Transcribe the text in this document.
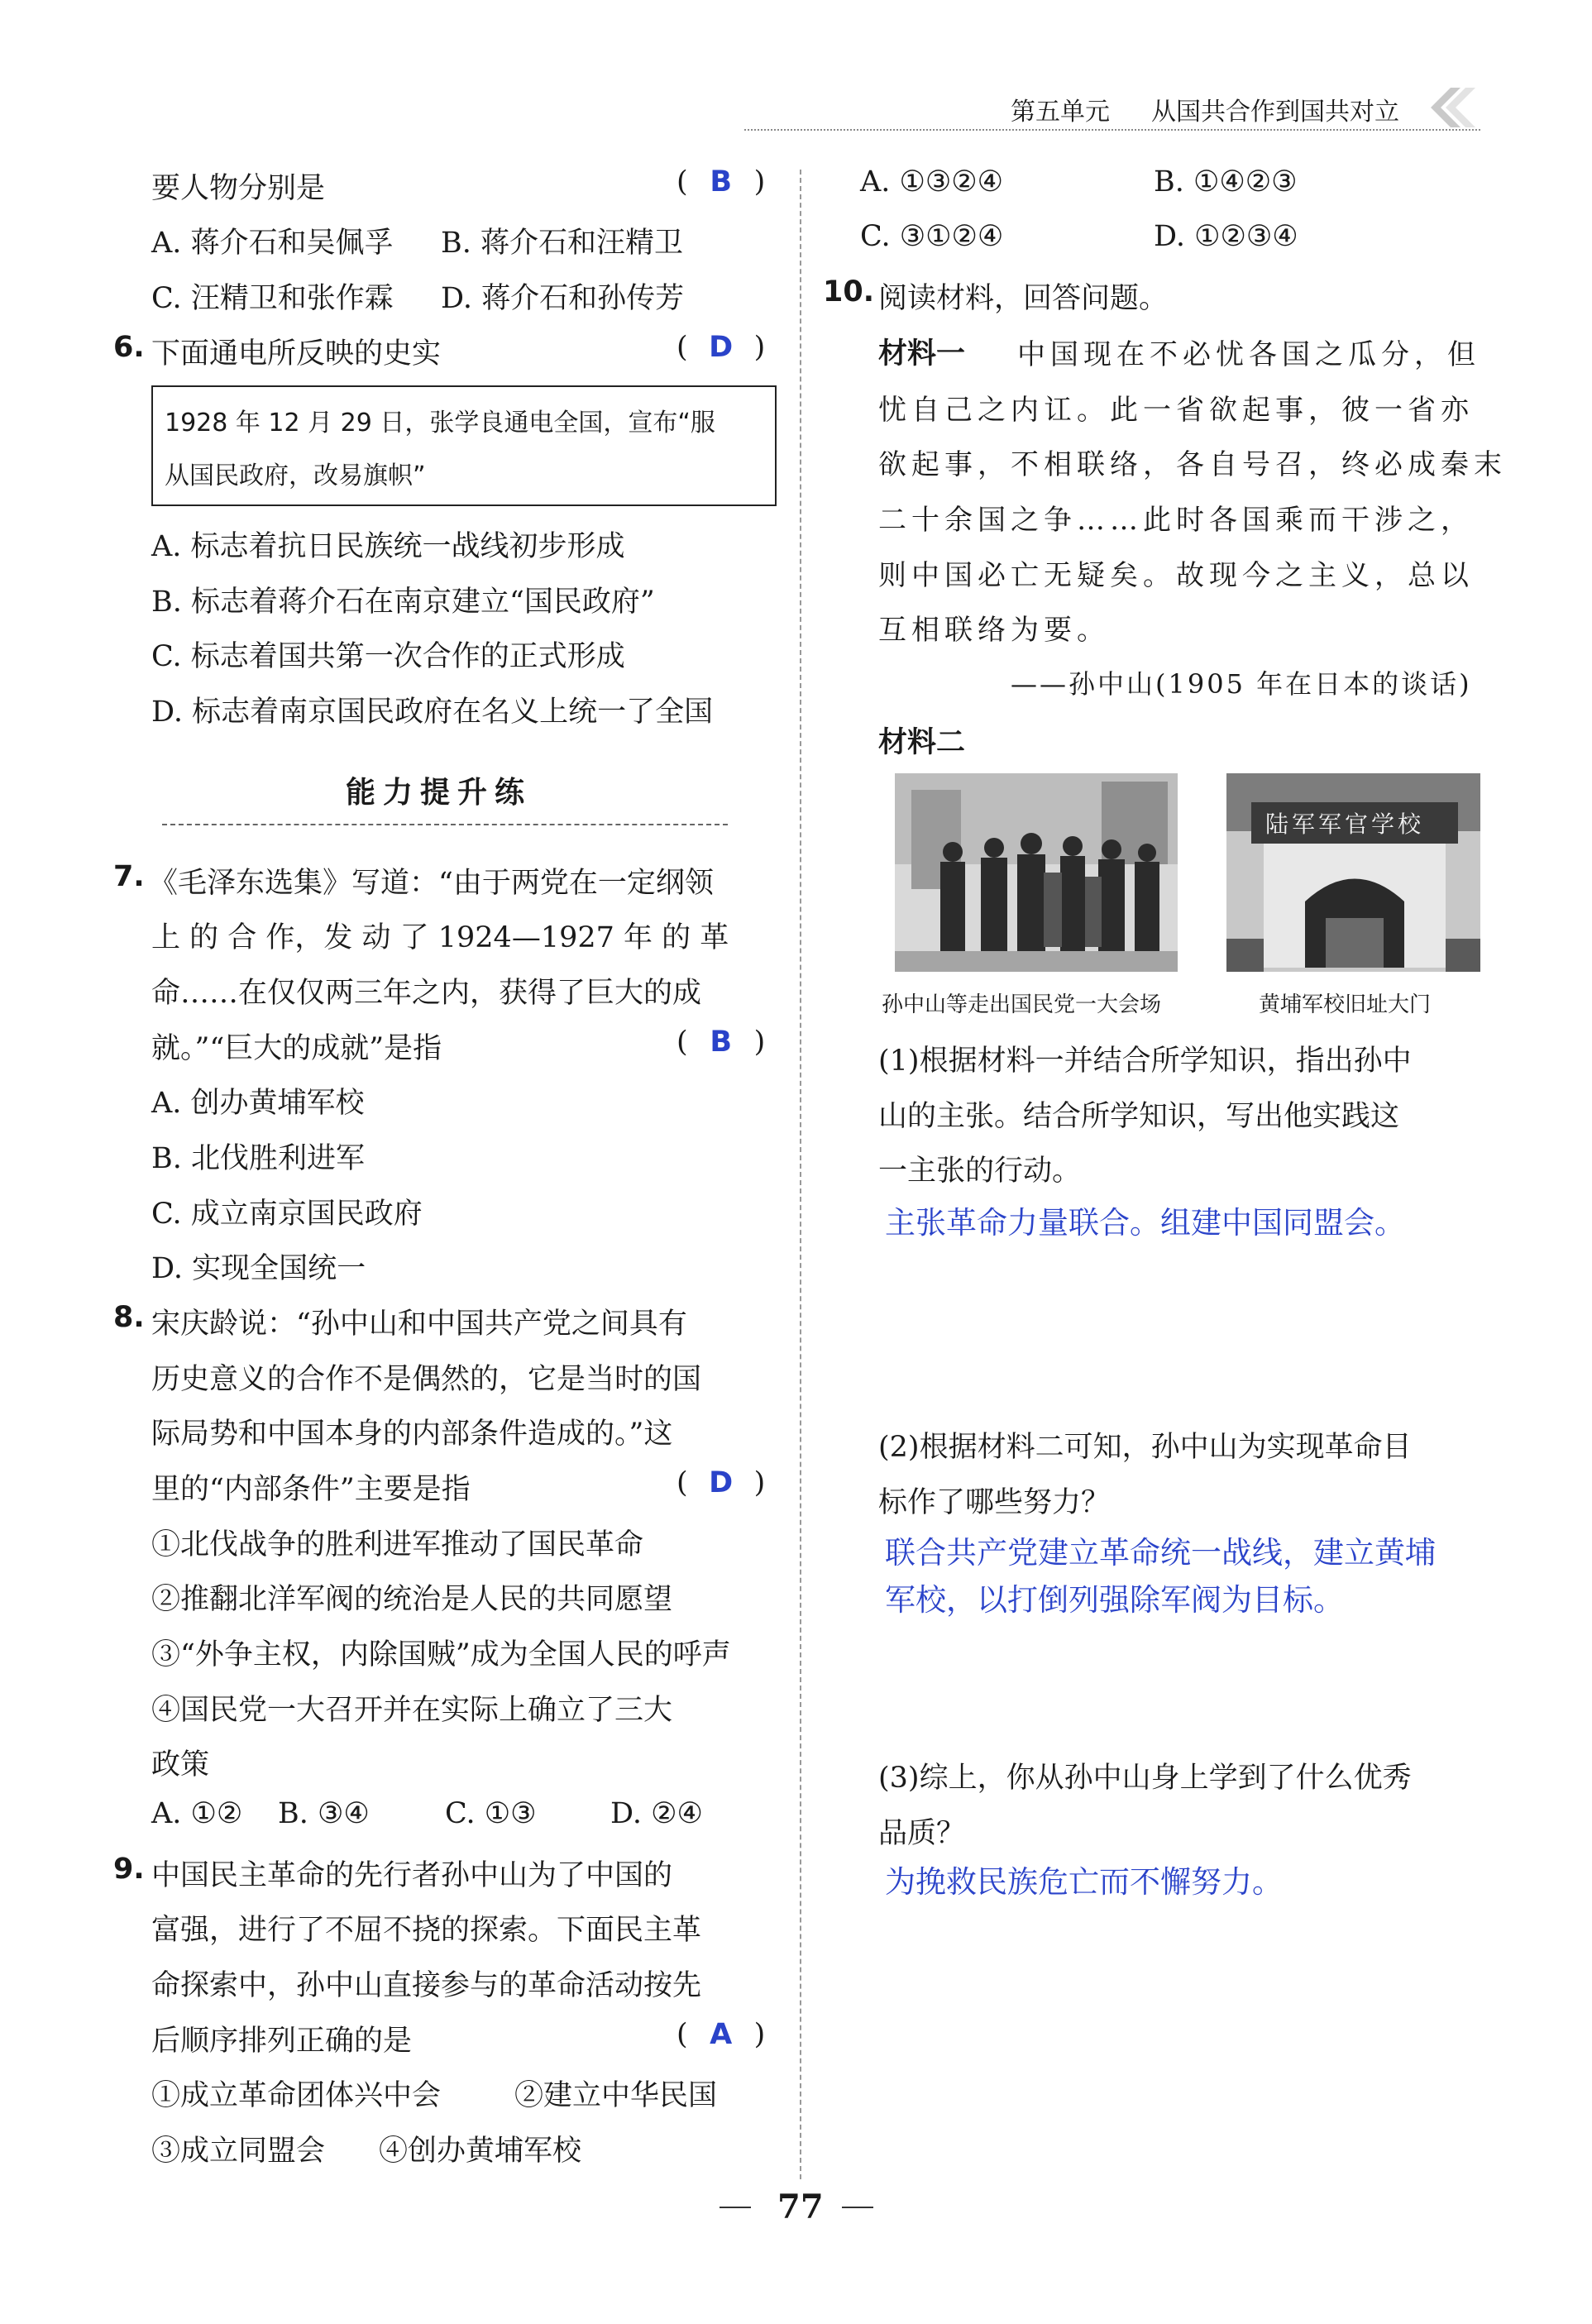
第五单元 从国共合作到国共对立
要人物分别是	( B )
A. 蒋介石和吴佩孚 B. 蒋介石和汪精卫
C. 汪精卫和张作霖 D. 蒋介石和孙传芳
6. 下面通电所反映的史实	( D )
1928 年 12 月 29 日，张学良通电全国，宣布“服
从国民政府，改易旗帜”
A. 标志着抗日民族统一战线初步形成
B. 标志着蒋介石在南京建立“国民政府”
C. 标志着国共第一次合作的正式形成
D. 标志着南京国民政府在名义上统一了全国
能力提升练
7. 《毛泽东选集》写道：“由于两党在一定纲领
上 的 合 作，发 动 了 1924—1927 年 的 革
命……在仅仅两三年之内，获得了巨大的成
就。”“巨大的成就”是指	( B )
A. 创办黄埔军校
B. 北伐胜利进军
C. 成立南京国民政府
D. 实现全国统一
8. 宋庆龄说：“孙中山和中国共产党之间具有
历史意义的合作不是偶然的，它是当时的国
际局势和中国本身的内部条件造成的。”这
里的“内部条件”主要是指	( D )
①北伐战争的胜利进军推动了国民革命
②推翻北洋军阀的统治是人民的共同愿望
③“外争主权，内除国贼”成为全国人民的呼声
④国民党一大召开并在实际上确立了三大
政策
A. ①② B. ③④	C. ①③	D. ②④
9. 中国民主革命的先行者孙中山为了中国的
富强，进行了不屈不挠的探索。下面民主革
命探索中，孙中山直接参与的革命活动按先
后顺序排列正确的是	( A )
①成立革命团体兴中会	②建立中华民国
③成立同盟会 ④创办黄埔军校
A. ①③②④	B. ①④②③
C. ③①②④	D. ①②③④
10. 阅读材料，回答问题。
材料一 中国现在不必忧各国之瓜分，但
忧自己之内讧。此一省欲起事，彼一省亦
欲起事，不相联络，各自号召，终必成秦末
二十余国之争……此时各国乘而干涉之，
则中国必亡无疑矣。故现今之主义，总以
互相联络为要。
——孙中山(1905 年在日本的谈话)
材料二
孙中山等走出国民党一大会场
陆军军官学校
黄埔军校旧址大门
(1)根据材料一并结合所学知识，指出孙中
山的主张。结合所学知识，写出他实践这
一主张的行动。
主张革命力量联合。组建中国同盟会。
(2)根据材料二可知，孙中山为实现革命目
标作了哪些努力？
联合共产党建立革命统一战线，建立黄埔
军校，以打倒列强除军阀为目标。
(3)综上，你从孙中山身上学到了什么优秀
品质？
为挽救民族危亡而不懈努力。
77
